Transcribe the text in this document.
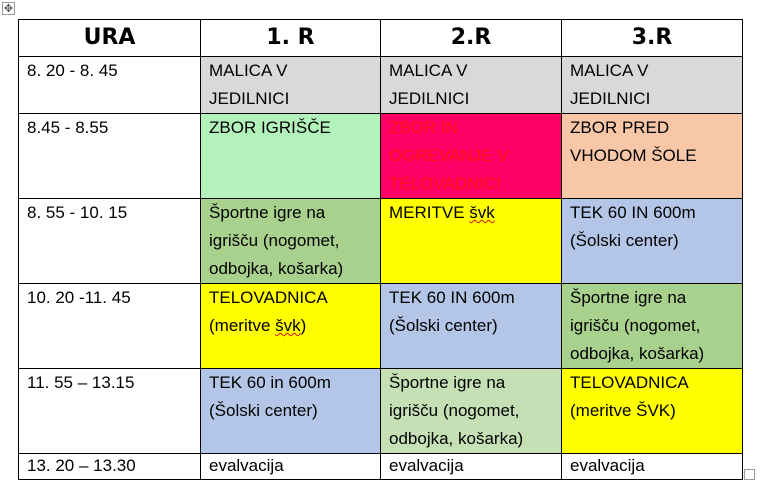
✥
URA	1. R	2.R	3.R

8. 20 - 8. 45	MALICA V
JEDILNICI	MALICA V
JEDILNICI	MALICA V
JEDILNICI

8.45 - 8.55	ZBOR IGRIŠČE	ZBOR IN
OGREVANJE V
TELOVADNICI	ZBOR PRED
VHODOM ŠOLE

8. 55 - 10. 15	Športne igre na
igrišču (nogomet,
odbojka, košarka)	MERITVE švk	TEK 60 IN 600m
(Šolski center)

10. 20 -11. 45	TELOVADNICA
(meritve švk)	TEK 60 IN 600m
(Šolski center)	Športne igre na
igrišču (nogomet,
odbojka, košarka)

11. 55 – 13.15	TEK 60 in 600m
(Šolski center)	Športne igre na
igrišču (nogomet,
odbojka, košarka)	TELOVADNICA
(meritve ŠVK)

13. 20 – 13.30	evalvacija	evalvacija	evalvacija
